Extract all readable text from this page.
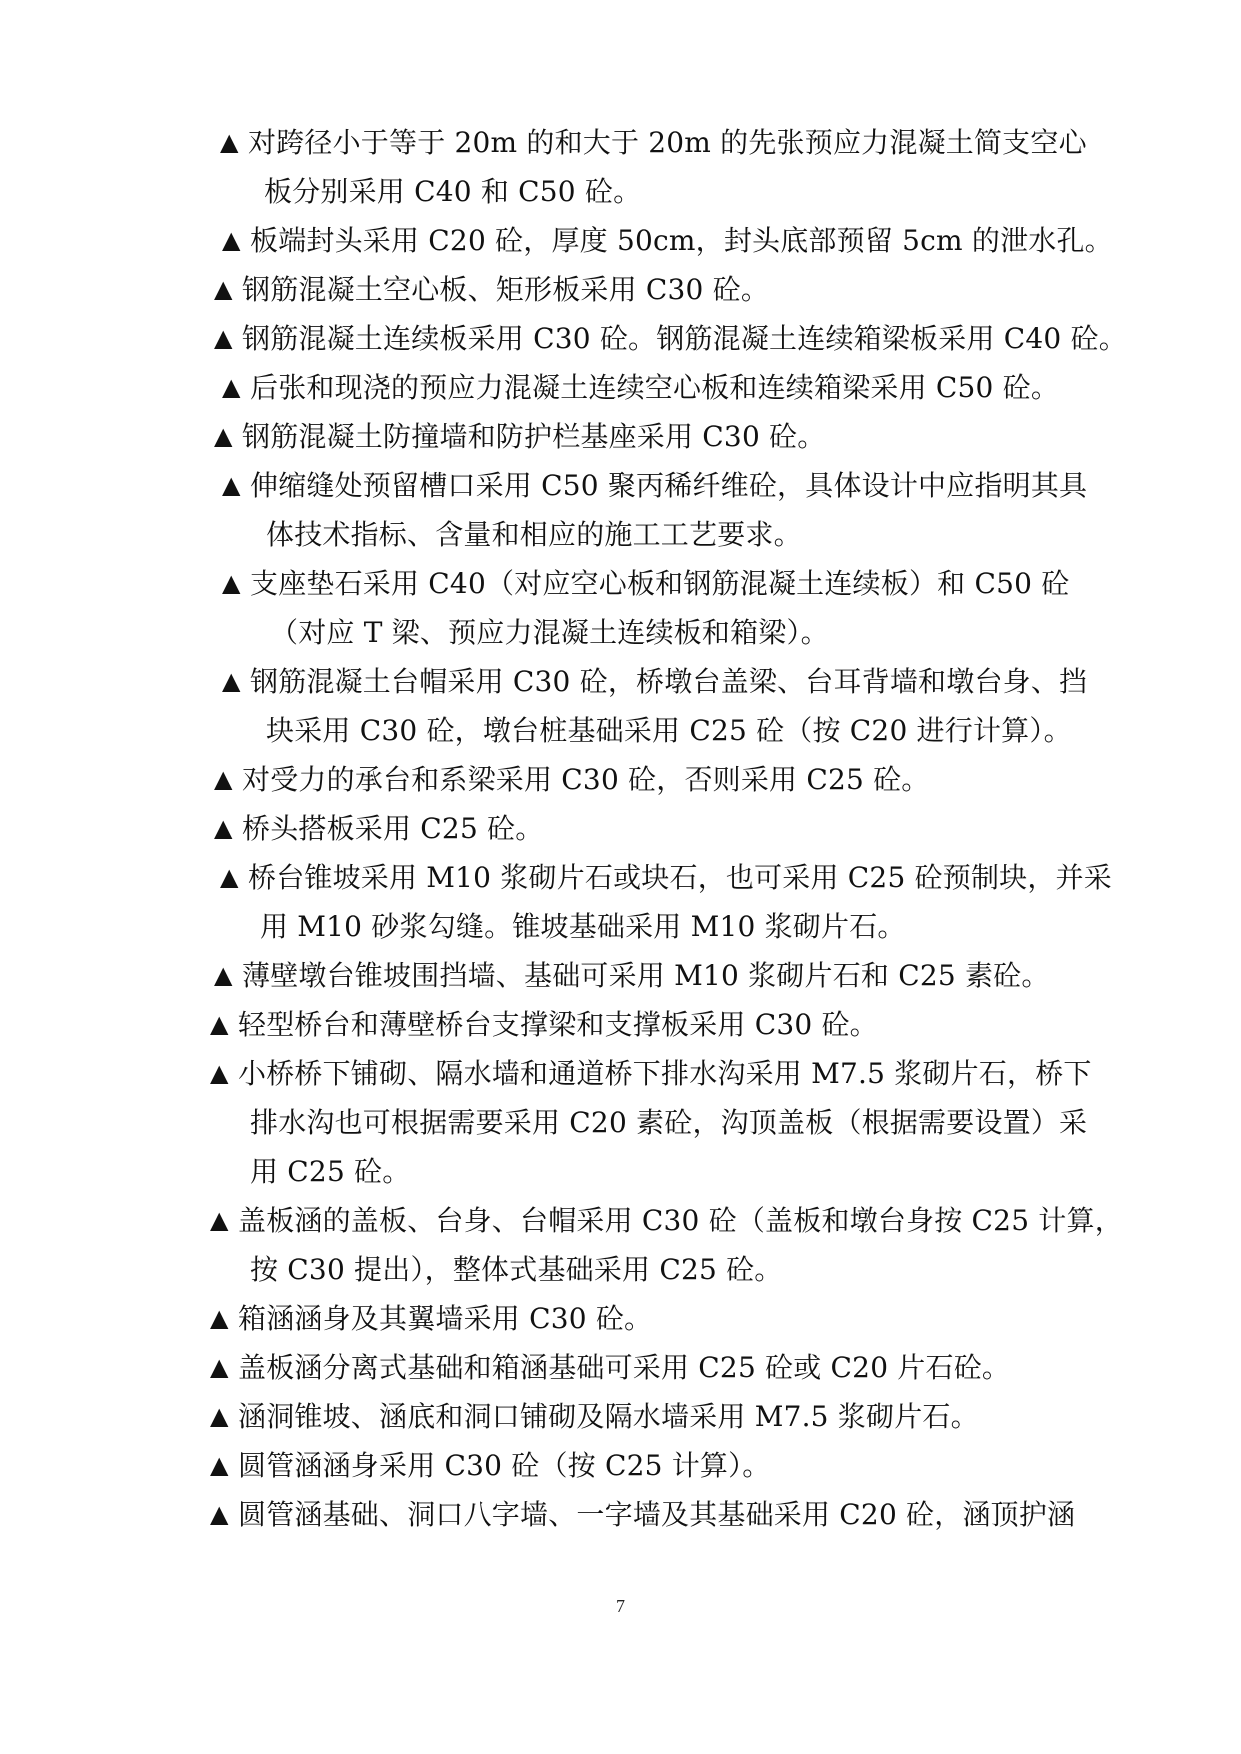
▲ 对跨径小于等于 20m 的和大于 20m 的先张预应力混凝土简支空心
板分别采用 C40 和 C50 砼。
▲ 板端封头采用 C20 砼，厚度 50cm，封头底部预留 5cm 的泄水孔。
▲ 钢筋混凝土空心板、矩形板采用 C30 砼。
▲ 钢筋混凝土连续板采用 C30 砼。钢筋混凝土连续箱梁板采用 C40 砼。
▲ 后张和现浇的预应力混凝土连续空心板和连续箱梁采用 C50 砼。
▲ 钢筋混凝土防撞墙和防护栏基座采用 C30 砼。
▲ 伸缩缝处预留槽口采用 C50 聚丙稀纤维砼，具体设计中应指明其具
体技术指标、含量和相应的施工工艺要求。
▲ 支座垫石采用 C40（对应空心板和钢筋混凝土连续板）和 C50 砼
（对应 T 梁、预应力混凝土连续板和箱梁）。
▲ 钢筋混凝土台帽采用 C30 砼，桥墩台盖梁、台耳背墙和墩台身、挡
块采用 C30 砼，墩台桩基础采用 C25 砼（按 C20 进行计算）。
▲ 对受力的承台和系梁采用 C30 砼，否则采用 C25 砼。
▲ 桥头搭板采用 C25 砼。
▲ 桥台锥坡采用 M10 浆砌片石或块石，也可采用 C25 砼预制块，并采
用 M10 砂浆勾缝。锥坡基础采用 M10 浆砌片石。
▲ 薄壁墩台锥坡围挡墙、基础可采用 M10 浆砌片石和 C25 素砼。
▲ 轻型桥台和薄壁桥台支撑梁和支撑板采用 C30 砼。
▲ 小桥桥下铺砌、隔水墙和通道桥下排水沟采用 M7.5 浆砌片石，桥下
排水沟也可根据需要采用 C20 素砼，沟顶盖板（根据需要设置）采
用 C25 砼。
▲ 盖板涵的盖板、台身、台帽采用 C30 砼（盖板和墩台身按 C25 计算，
按 C30 提出），整体式基础采用 C25 砼。
▲ 箱涵涵身及其翼墙采用 C30 砼。
▲ 盖板涵分离式基础和箱涵基础可采用 C25 砼或 C20 片石砼。
▲ 涵洞锥坡、涵底和洞口铺砌及隔水墙采用 M7.5 浆砌片石。
▲ 圆管涵涵身采用 C30 砼（按 C25 计算）。
▲ 圆管涵基础、洞口八字墙、一字墙及其基础采用 C20 砼，涵顶护涵
7
